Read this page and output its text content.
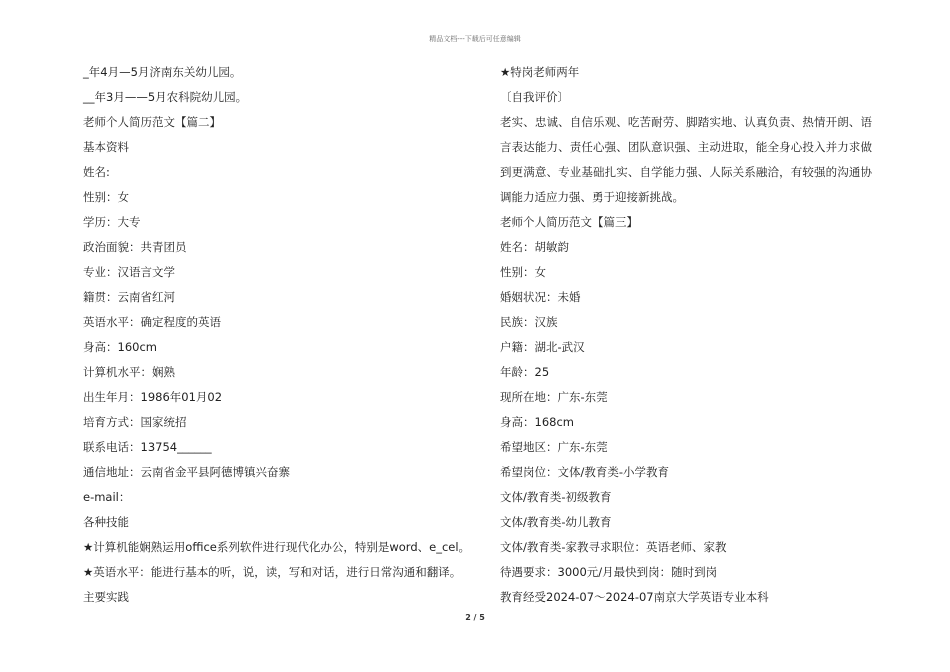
精品文档---下载后可任意编辑
_年4月—5月济南东关幼儿园。
__年3月——5月农科院幼儿园。
老师个人简历范文【篇二】
基本资料
姓名:
性别：女
学历：大专
政治面貌：共青团员
专业：汉语言文学
籍贯：云南省红河
英语水平：确定程度的英语
身高：160cm
计算机水平：娴熟
出生年月：1986年01月02
培育方式：国家统招
联系电话：13754______
通信地址：云南省金平县阿德博镇兴奋寨
e-mail：
各种技能
★计算机能娴熟运用office系列软件进行现代化办公，特别是word、e_cel。
★英语水平：能进行基本的听，说，读，写和对话，进行日常沟通和翻译。
主要实践
★特岗老师两年
〔自我评价〕
老实、忠诚、自信乐观、吃苦耐劳、脚踏实地、认真负责、热情开朗、语言表达能力、责任心强、团队意识强、主动进取，能全身心投入并力求做到更满意、专业基础扎实、自学能力强、人际关系融洽，有较强的沟通协调能力适应力强、勇于迎接新挑战。
老师个人简历范文【篇三】
姓名：胡敏韵
性别：女
婚姻状况：未婚
民族：汉族
户籍：湖北-武汉
年龄：25
现所在地：广东-东莞
身高：168cm
希望地区：广东-东莞
希望岗位：文体/教育类-小学教育
文体/教育类-初级教育
文体/教育类-幼儿教育
文体/教育类-家教寻求职位：英语老师、家教
待遇要求：3000元/月最快到岗：随时到岗
教育经受2024-07～2024-07南京大学英语专业本科
2 / 5
